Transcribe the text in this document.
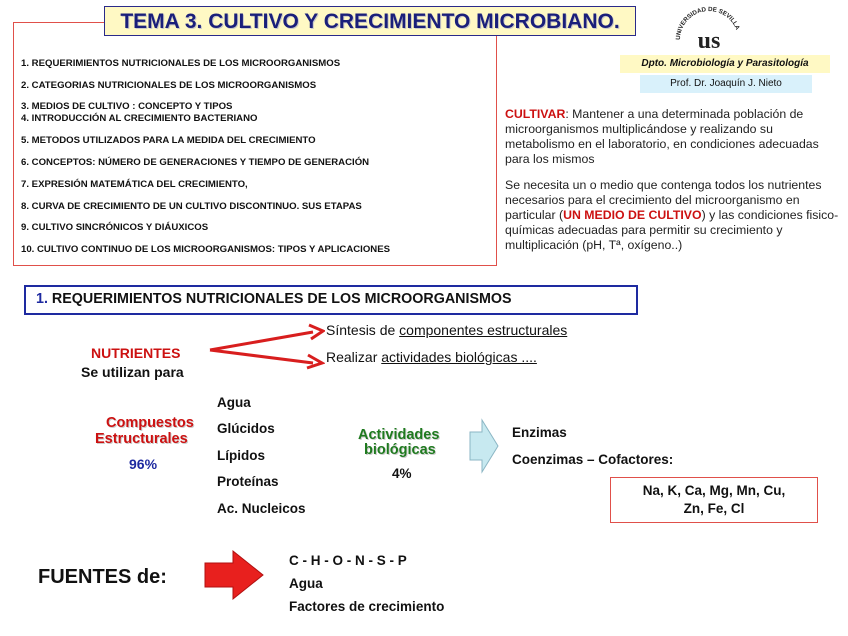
1. REQUERIMIENTOS NUTRICIONALES DE LOS MICROORGANISMOS
2. CATEGORIAS NUTRICIONALES DE LOS MICROORGANISMOS
3. MEDIOS DE CULTIVO : CONCEPTO Y TIPOS
4. INTRODUCCIÓN AL CRECIMIENTO BACTERIANO
5. METODOS UTILIZADOS PARA LA MEDIDA DEL CRECIMIENTO
6. CONCEPTOS: NÚMERO DE GENERACIONES Y TIEMPO DE GENERACIÓN
7. EXPRESIÓN MATEMÁTICA DEL CRECIMIENTO,
8. CURVA DE CRECIMIENTO DE UN CULTIVO DISCONTINUO. SUS ETAPAS
9. CULTIVO SINCRÓNICOS Y DIÁUXICOS
10. CULTIVO CONTINUO DE LOS MICROORGANISMOS: TIPOS Y APLICACIONES
TEMA 3. CULTIVO Y CRECIMIENTO MICROBIANO.
UNIVERSIDAD DE SEVILLA
us
Dpto. Microbiología y Parasitología
Prof. Dr. Joaquín J. Nieto
CULTIVAR: Mantener a una determinada población de microorganismos multiplicándose y realizando su metabolismo en el laboratorio, en condiciones adecuadas para los mismos
Se necesita un o medio que contenga todos los nutrientes necesarios para el crecimiento del microorganismo en particular (UN MEDIO DE CULTIVO) y las condiciones fisico-químicas adecuadas para permitir su crecimiento y multiplicación (pH, Tª, oxígeno..)
1. REQUERIMIENTOS NUTRICIONALES DE LOS MICROORGANISMOS
NUTRIENTES
Se utilizan para
Síntesis de componentes estructurales
Realizar actividades biológicas ....
Compuestos
Estructurales
96%
Agua
Glúcidos
Lípidos
Proteínas
Ac. Nucleicos
Actividades
biológicas
4%
Enzimas
Coenzimas – Cofactores:
Na, K, Ca, Mg, Mn, Cu,
Zn, Fe, Cl
FUENTES de:
C - H - O - N - S - P
Agua
Factores de crecimiento
